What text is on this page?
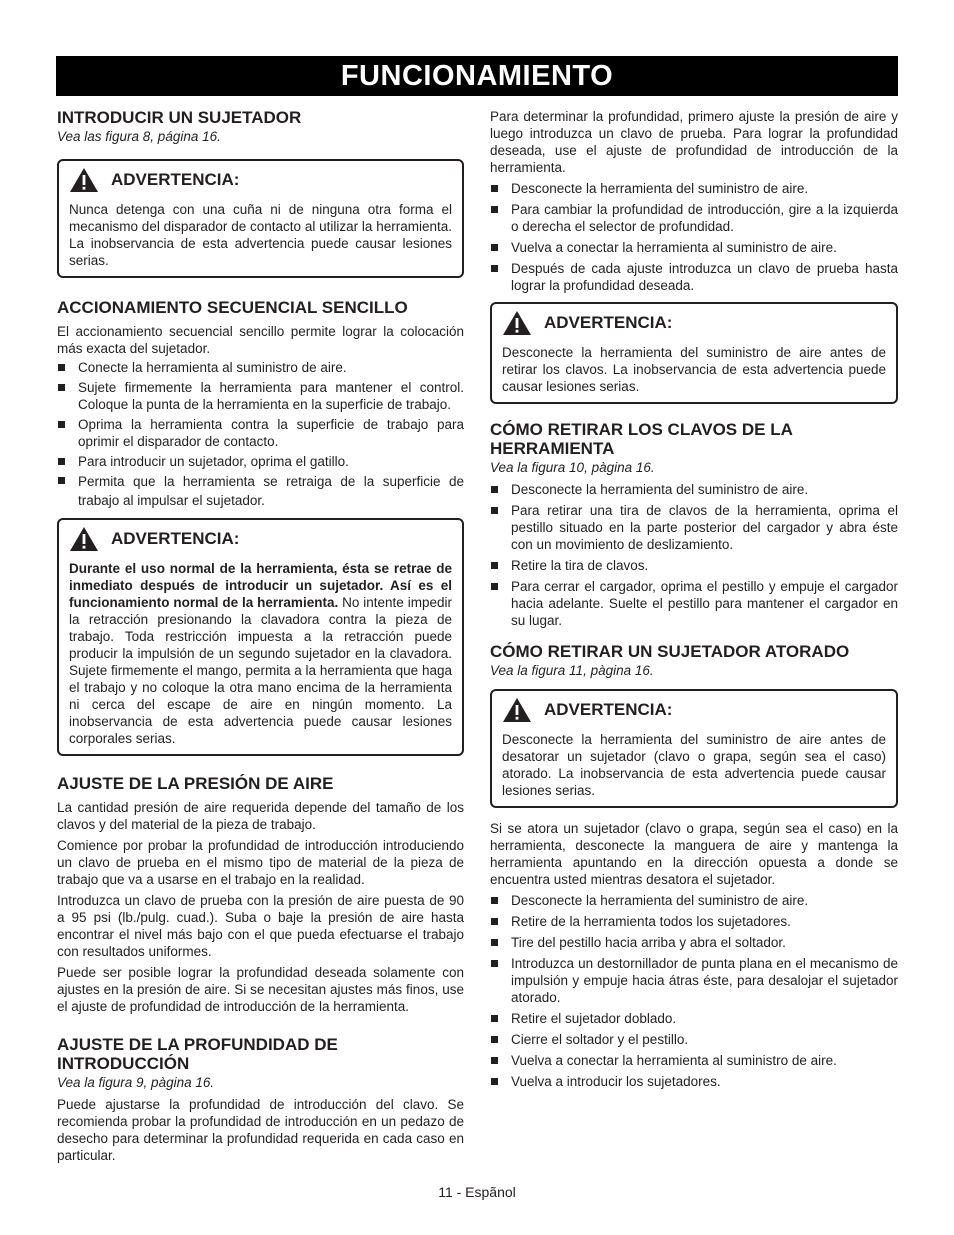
FUNCIONAMIENTO
INTRODUCIR UN SUJETADOR
Vea las figura 8, página 16.
ADVERTENCIA:

Nunca detenga con una cuña ni de ninguna otra forma el mecanismo del disparador de contacto al utilizar la herramienta. La inobservancia de esta advertencia puede causar lesiones serias.

ACCIONAMIENTO SECUENCIAL SENCILLO

El accionamiento secuencial sencillo permite lograr la colocación más exacta del sujetador.

Conecte la herramienta al suministro de aire.
Sujete firmemente la herramienta para mantener el control. Coloque la punta de la herramienta en la superficie de trabajo.
Oprima la herramienta contra la superficie de trabajo para oprimir el disparador de contacto.
Para introducir un sujetador, oprima el gatillo.
Permita que la herramienta se retraiga de la superficie de trabajo al impulsar el sujetador.
ADVERTENCIA:

Durante el uso normal de la herramienta, ésta se retrae de inmediato después de introducir un sujetador. Así es el funcionamiento normal de la herramienta. No intente impedir la retracción presionando la clavadora contra la pieza de trabajo. Toda restricción impuesta a la retracción puede producir la impulsión de un segundo sujetador en la clavadora. Sujete firmemente el mango, permita a la herramienta que haga el trabajo y no coloque la otra mano encima de la herramienta ni cerca del escape de aire en ningún momento. La inobservancia de esta advertencia puede causar lesiones corporales serias.

AJUSTE DE LA PRESIÓN DE AIRE

La cantidad presión de aire requerida depende del tamaño de los clavos y del material de la pieza de trabajo.

Comience por probar la profundidad de introducción introduciendo un clavo de prueba en el mismo tipo de material de la pieza de trabajo que va a usarse en el trabajo en la realidad.

Introduzca un clavo de prueba con la presión de aire puesta de 90 a 95 psi (lb./pulg. cuad.). Suba o baje la presión de aire hasta encontrar el nivel más bajo con el que pueda efectuarse el trabajo con resultados uniformes.

Puede ser posible lograr la profundidad deseada solamente con ajustes en la presión de aire. Si se necesitan ajustes más finos, use el ajuste de profundidad de introducción de la herramienta.

AJUSTE DE LA PROFUNDIDAD DE INTRODUCCIÓN
Vea la figura 9, pàgina 16.

Puede ajustarse la profundidad de introducción del clavo. Se recomienda probar la profundidad de introducción en un pedazo de desecho para determinar la profundidad requerida en cada caso en particular.

Para determinar la profundidad, primero ajuste la presión de aire y luego introduzca un clavo de prueba. Para lograr la profundidad deseada, use el ajuste de profundidad de introducción de la herramienta.

Desconecte la herramienta del suministro de aire.
Para cambiar la profundidad de introducción, gire a la izquierda o derecha el selector de profundidad.
Vuelva a conectar la herramienta al suministro de aire.
Después de cada ajuste introduzca un clavo de prueba hasta lograr la profundidad deseada.
ADVERTENCIA:

Desconecte la herramienta del suministro de aire antes de retirar los clavos. La inobservancia de esta advertencia puede causar lesiones serias.

CÓMO RETIRAR LOS CLAVOS DE LA HERRAMIENTA
Vea la figura 10, pàgina 16.
Desconecte la herramienta del suministro de aire.
Para retirar una tira de clavos de la herramienta, oprima el pestillo situado en la parte posterior del cargador y abra éste con un movimiento de deslizamiento.
Retire la tira de clavos.
Para cerrar el cargador, oprima el pestillo y empuje el cargador hacia adelante. Suelte el pestillo para mantener el cargador en su lugar.
CÓMO RETIRAR UN SUJETADOR ATORADO
Vea la figura 11, pàgina 16.
ADVERTENCIA:

Desconecte la herramienta del suministro de aire antes de desatorar un sujetador (clavo o grapa, según sea el caso) atorado. La inobservancia de esta advertencia puede causar lesiones serias.

Si se atora un sujetador (clavo o grapa, según sea el caso) en la herramienta, desconecte la manguera de aire y mantenga la herramienta apuntando en la dirección opuesta a donde se encuentra usted mientras desatora el sujetador.

Desconecte la herramienta del suministro de aire.
Retire de la herramienta todos los sujetadores.
Tire del pestillo hacia arriba y abra el soltador.
Introduzca un destornillador de punta plana en el mecanismo de impulsión y empuje hacia átras éste, para desalojar el sujetador atorado.
Retire el sujetador doblado.
Cierre el soltador y el pestillo.
Vuelva a conectar la herramienta al suministro de aire.
Vuelva a introducir los sujetadores.
11 - Espãnol
